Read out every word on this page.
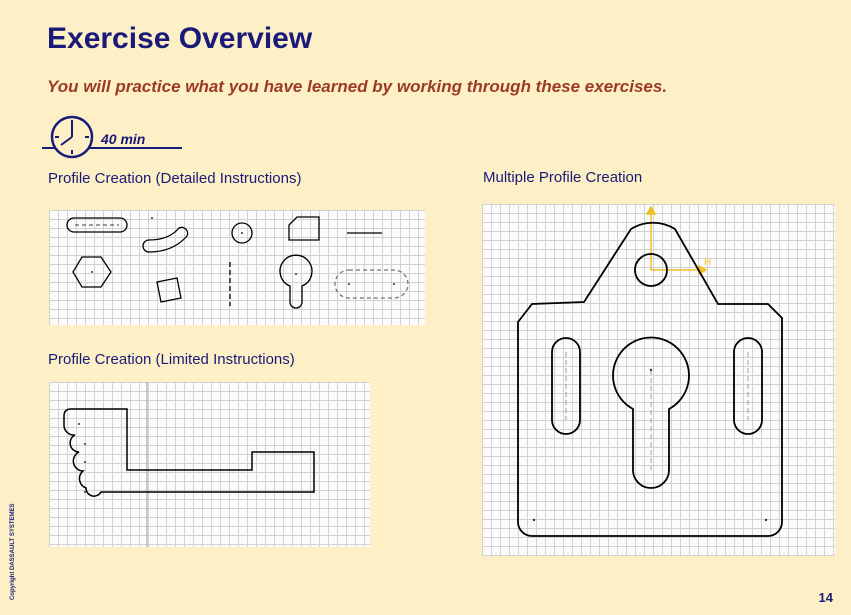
Exercise Overview
You will practice what you have learned by working through these exercises.
40 min
Profile Creation (Detailed Instructions)
Profile Creation (Limited Instructions)
Multiple Profile Creation
H
Copyright DASSAULT SYSTEMES	14
